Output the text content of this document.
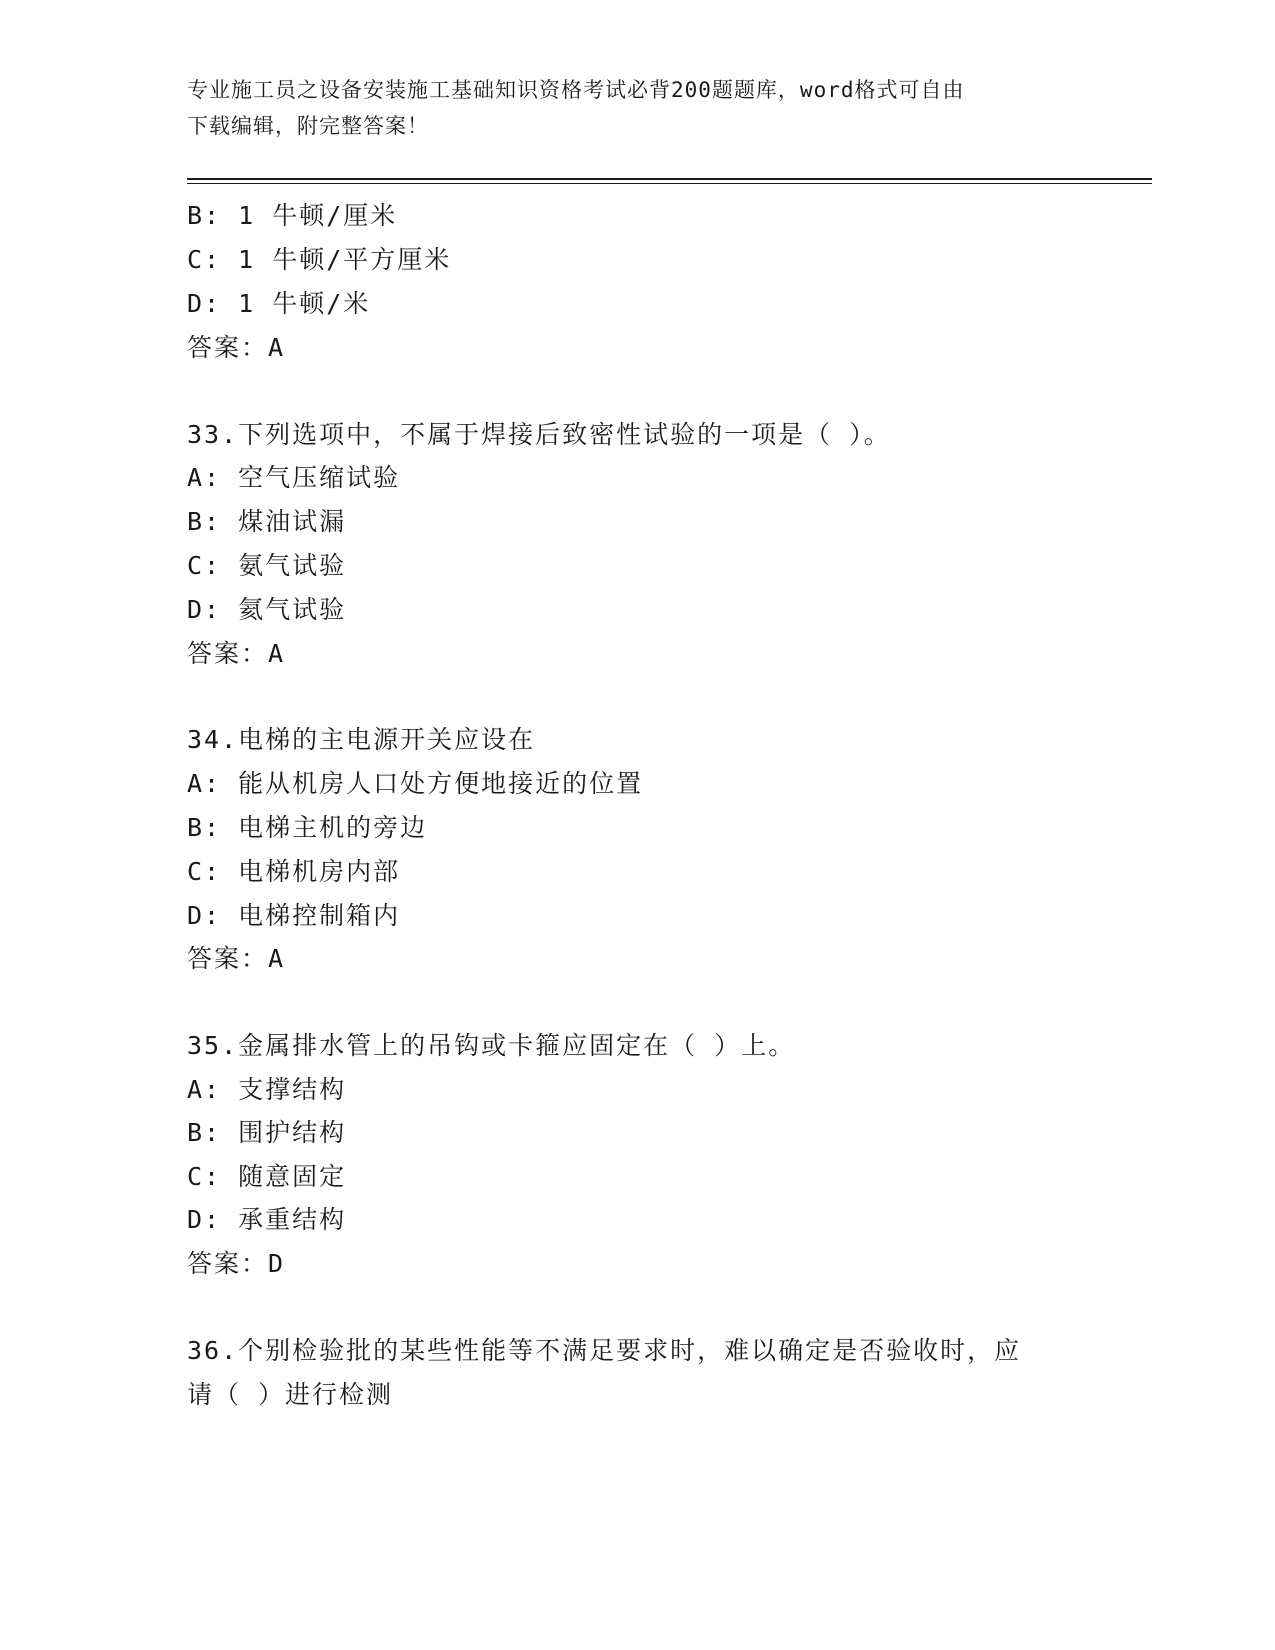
专业施工员之设备安装施工基础知识资格考试必背200题题库，word格式可自由
下载编辑，附完整答案！
B: 1 牛顿/厘米
C: 1 牛顿/平方厘米
D: 1 牛顿/米
答案：A
33.下列选项中，不属于焊接后致密性试验的一项是（ ）。
A: 空气压缩试验
B: 煤油试漏
C: 氨气试验
D: 氦气试验
答案：A
34.电梯的主电源开关应设在
A: 能从机房人口处方便地接近的位置
B: 电梯主机的旁边
C: 电梯机房内部
D: 电梯控制箱内
答案：A
35.金属排水管上的吊钩或卡箍应固定在（ ）上。
A: 支撑结构
B: 围护结构
C: 随意固定
D: 承重结构
答案：D
36.个别检验批的某些性能等不满足要求时，难以确定是否验收时，应
请（ ）进行检测
